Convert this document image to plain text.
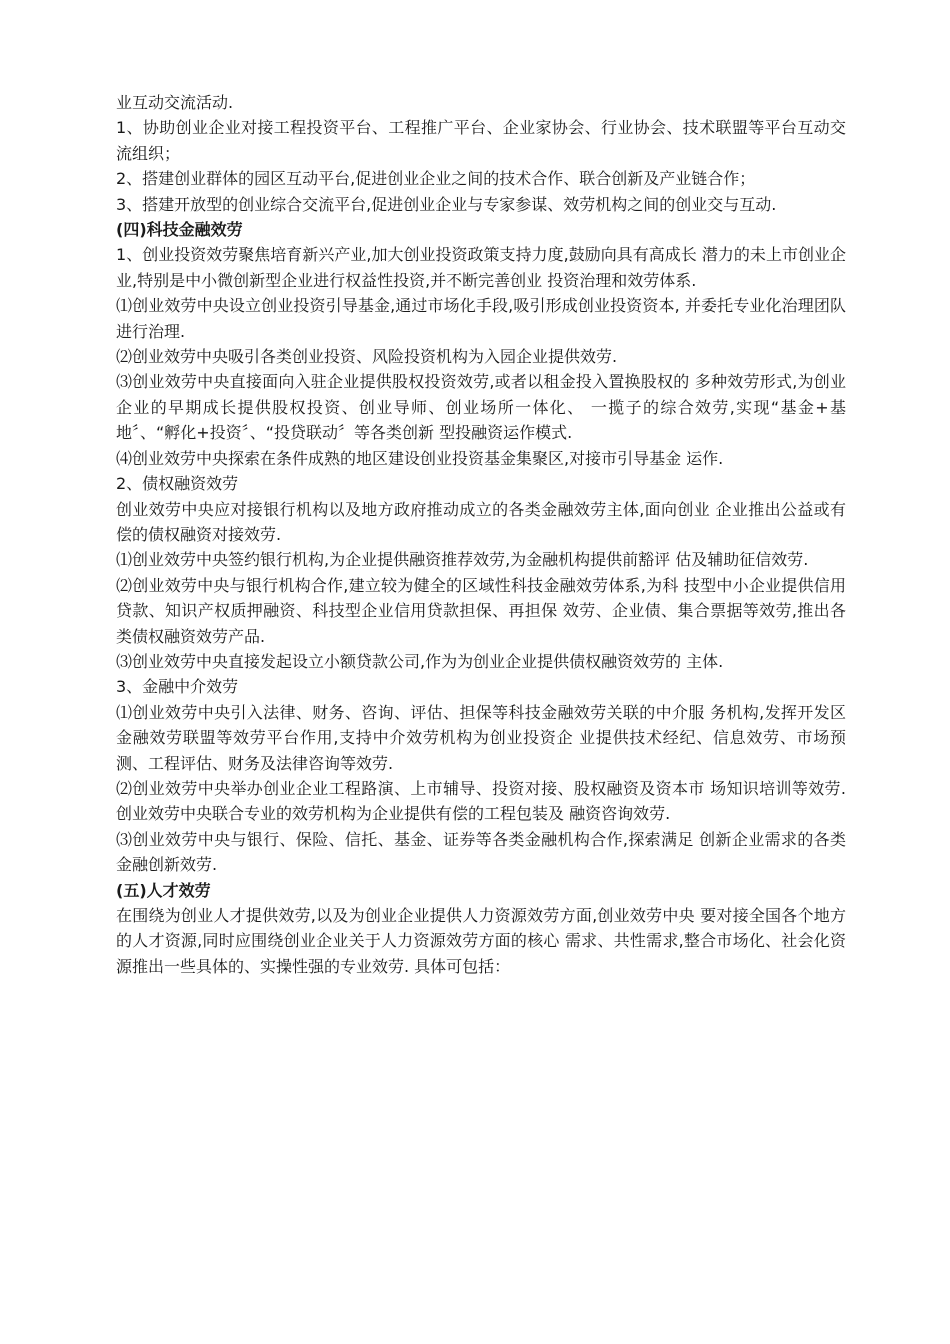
业互动交流活动.

1、协助创业企业对接工程投资平台、工程推广平台、企业家协会、行业协会、技术联盟等平台互动交流组织；

2、搭建创业群体的园区互动平台,促进创业企业之间的技术合作、联合创新及产业链合作；

3、搭建开放型的创业综合交流平台,促进创业企业与专家参谋、效劳机构之间的创业交与互动.

(四)科技金融效劳

1、创业投资效劳聚焦培育新兴产业,加大创业投资政策支持力度,鼓励向具有高成长 潜力的未上市创业企业,特别是中小微创新型企业进行权益性投资,并不断完善创业 投资治理和效劳体系.

⑴创业效劳中央设立创业投资引导基金,通过市场化手段,吸引形成创业投资资本, 并委托专业化治理团队进行治理.

⑵创业效劳中央吸引各类创业投资、风险投资机构为入园企业提供效劳.

⑶创业效劳中央直接面向入驻企业提供股权投资效劳,或者以租金投入置换股权的 多种效劳形式,为创业企业的早期成长提供股权投资、创业导师、创业场所一体化、 一揽子的综合效劳,实现“基金+基地〞、“孵化+投资〞、“投贷联动〞等各类创新 型投融资运作模式.

⑷创业效劳中央探索在条件成熟的地区建设创业投资基金集聚区,对接市引导基金 运作.

2、债权融资效劳

创业效劳中央应对接银行机构以及地方政府推动成立的各类金融效劳主体,面向创业 企业推出公益或有偿的债权融资对接效劳.

⑴创业效劳中央签约银行机构,为企业提供融资推荐效劳,为金融机构提供前豁评 估及辅助征信效劳.

⑵创业效劳中央与银行机构合作,建立较为健全的区域性科技金融效劳体系,为科 技型中小企业提供信用贷款、知识产权质押融资、科技型企业信用贷款担保、再担保 效劳、企业债、集合票据等效劳,推出各类债权融资效劳产品.

⑶创业效劳中央直接发起设立小额贷款公司,作为为创业企业提供债权融资效劳的 主体.

3、金融中介效劳

⑴创业效劳中央引入法律、财务、咨询、评估、担保等科技金融效劳关联的中介服 务机构,发挥开发区金融效劳联盟等效劳平台作用,支持中介效劳机构为创业投资企 业提供技术经纪、信息效劳、市场预测、工程评估、财务及法律咨询等效劳.

⑵创业效劳中央举办创业企业工程路演、上市辅导、投资对接、股权融资及资本市 场知识培训等效劳.创业效劳中央联合专业的效劳机构为企业提供有偿的工程包装及 融资咨询效劳.

⑶创业效劳中央与银行、保险、信托、基金、证券等各类金融机构合作,探索满足 创新企业需求的各类金融创新效劳.

(五)人才效劳

在围绕为创业人才提供效劳,以及为创业企业提供人力资源效劳方面,创业效劳中央 要对接全国各个地方的人才资源,同时应围绕创业企业关于人力资源效劳方面的核心 需求、共性需求,整合市场化、社会化资源推出一些具体的、实操性强的专业效劳. 具体可包括：
